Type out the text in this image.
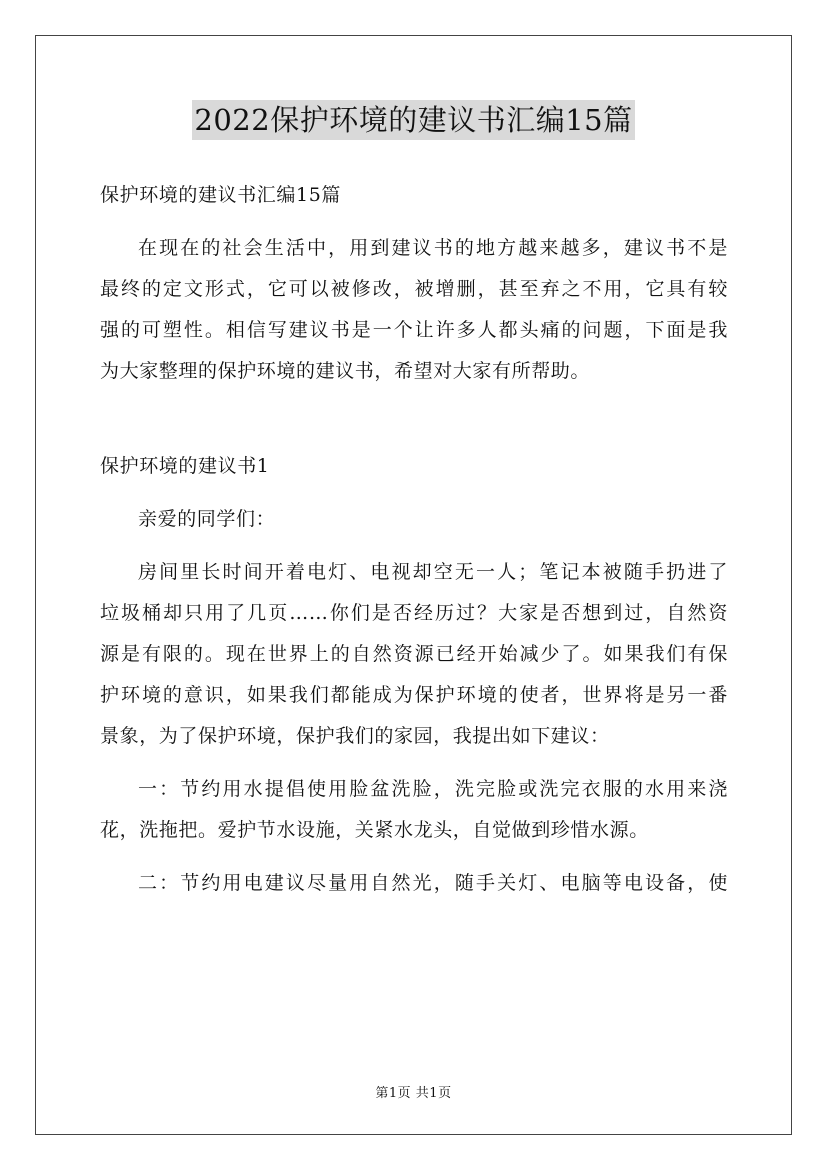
2022保护环境的建议书汇编15篇
保护环境的建议书汇编15篇
在现在的社会生活中，用到建议书的地方越来越多，建议书不是
最终的定文形式，它可以被修改，被增删，甚至弃之不用，它具有较
强的可塑性。相信写建议书是一个让许多人都头痛的问题，下面是我
为大家整理的保护环境的建议书，希望对大家有所帮助。
保护环境的建议书1
亲爱的同学们：
房间里长时间开着电灯、电视却空无一人；笔记本被随手扔进了
垃圾桶却只用了几页……你们是否经历过？大家是否想到过，自然资
源是有限的。现在世界上的自然资源已经开始减少了。如果我们有保
护环境的意识，如果我们都能成为保护环境的使者，世界将是另一番
景象，为了保护环境，保护我们的家园，我提出如下建议：
一：节约用水提倡使用脸盆洗脸，洗完脸或洗完衣服的水用来浇
花，洗拖把。爱护节水设施，关紧水龙头，自觉做到珍惜水源。
二：节约用电建议尽量用自然光，随手关灯、电脑等电设备，使
第1页 共1页
